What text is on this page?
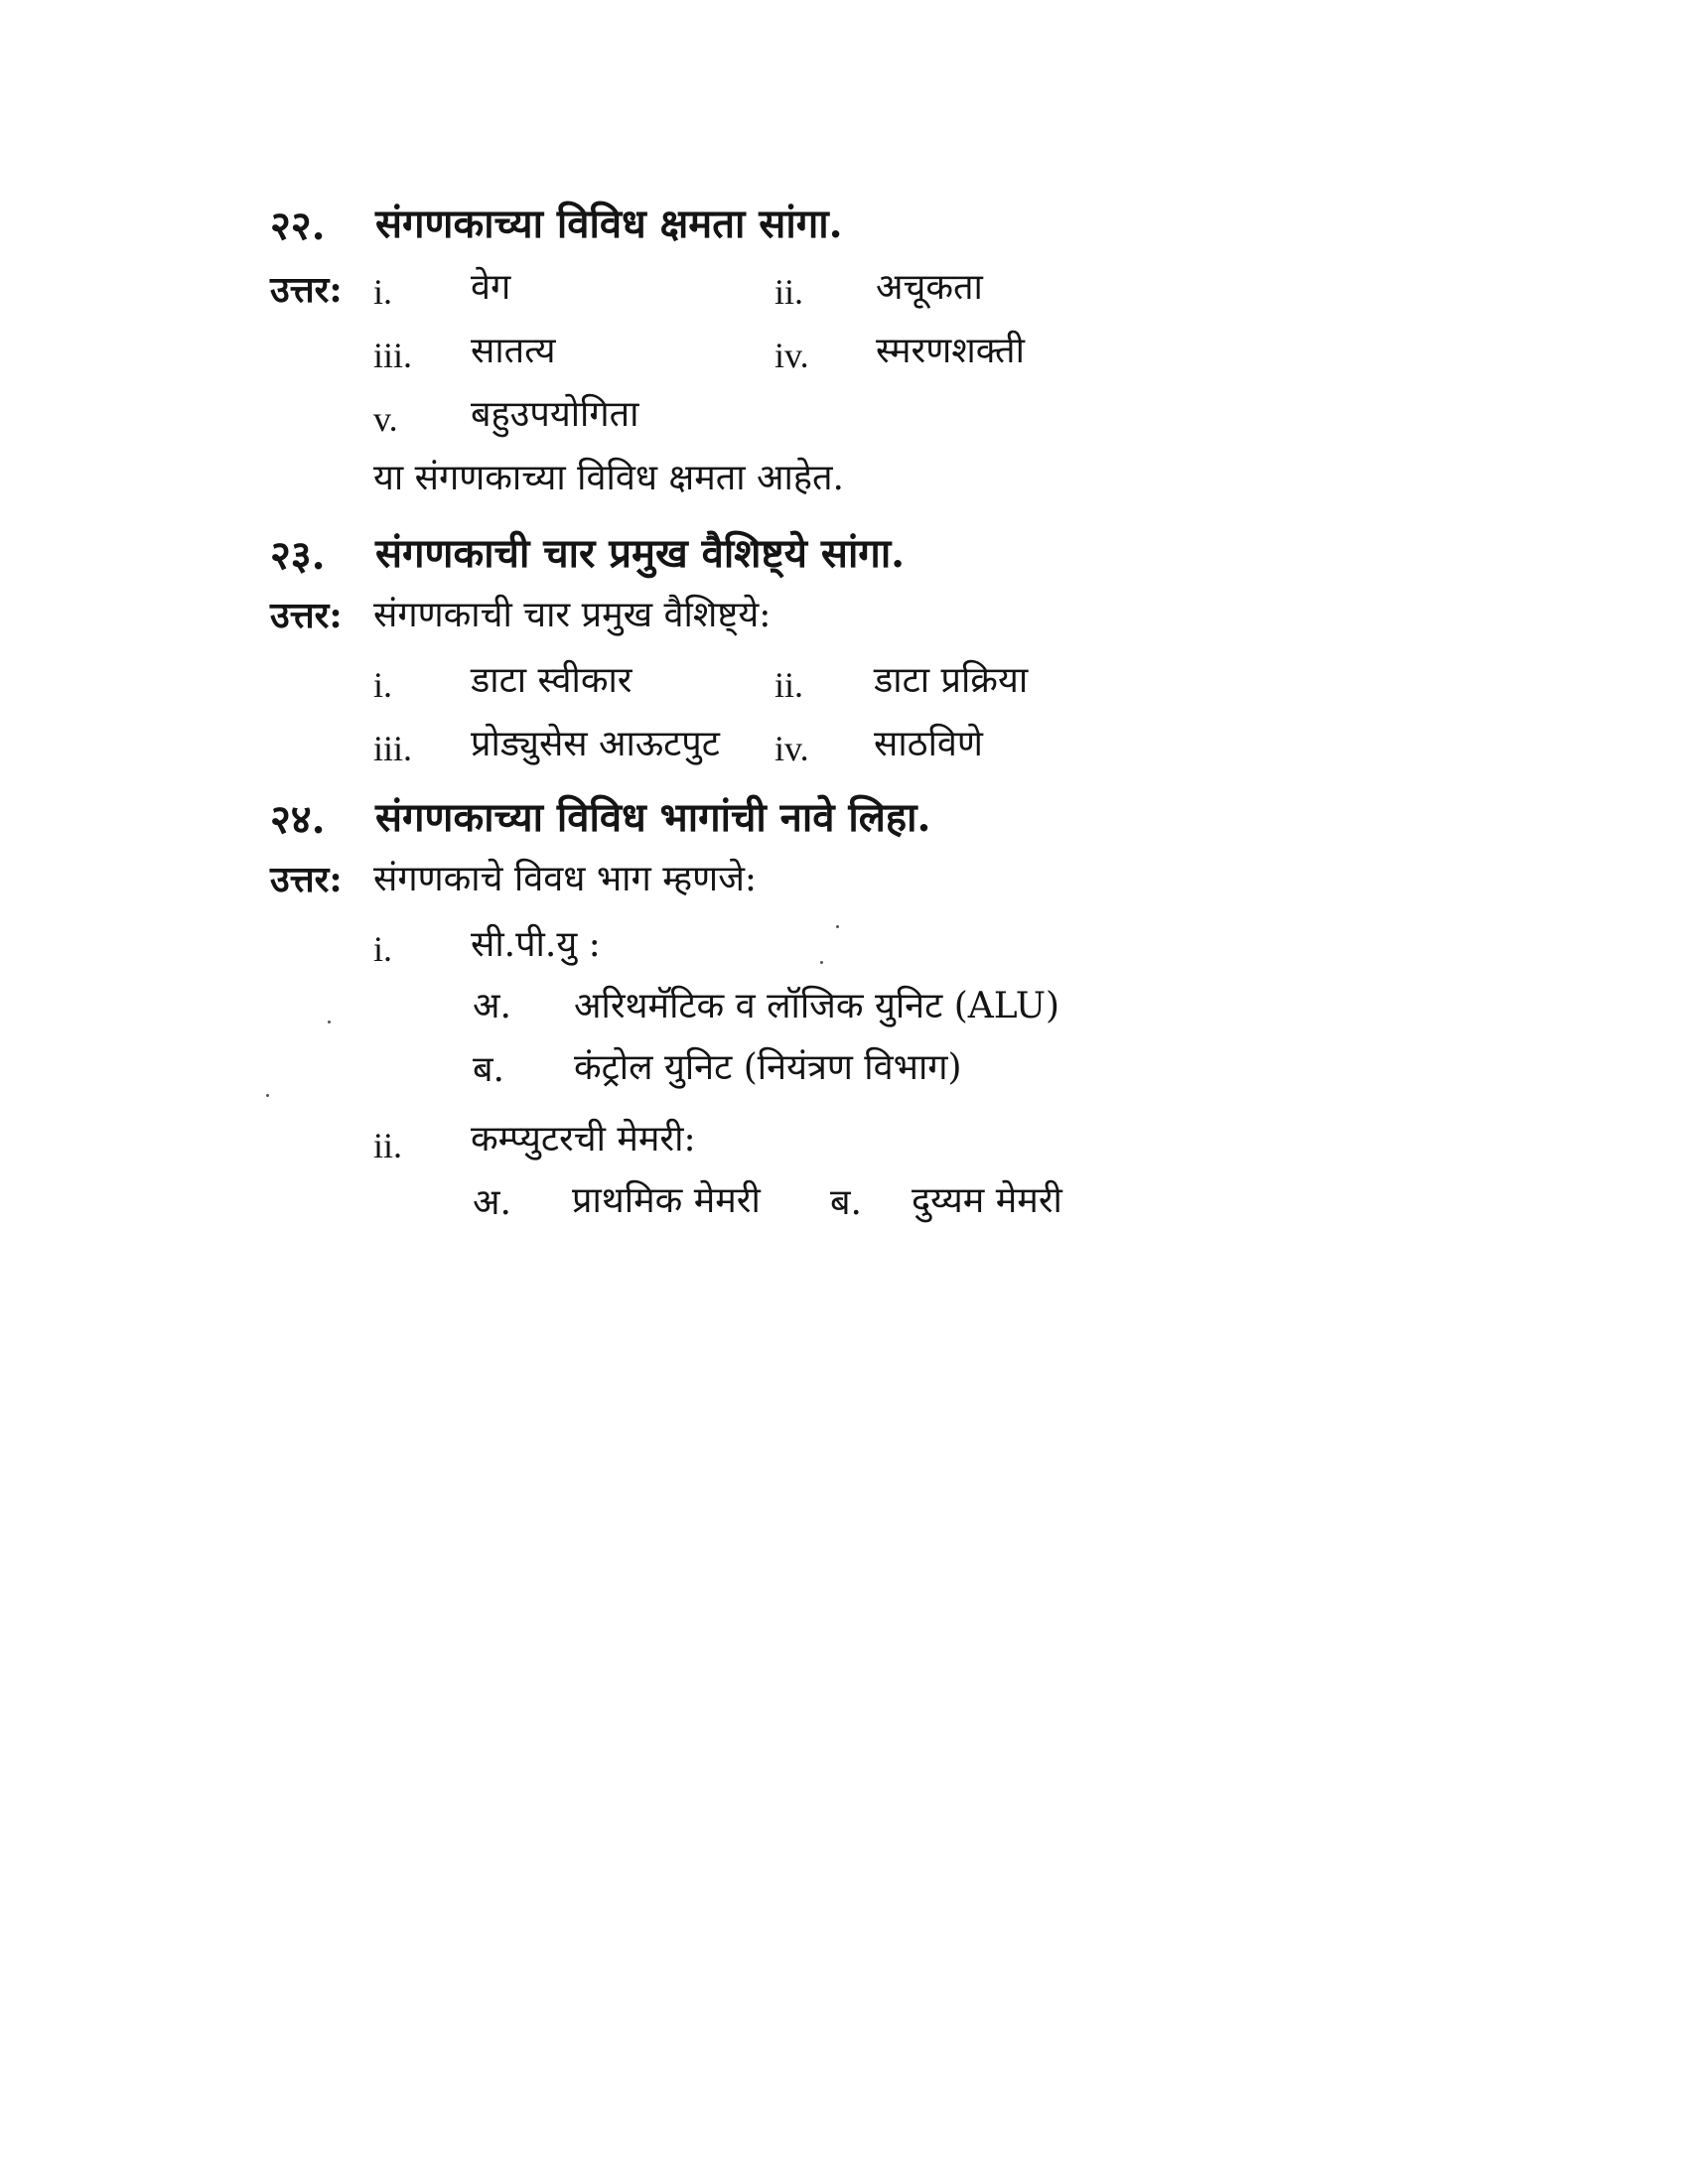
२२. संगणकाच्या विविध क्षमता सांगा.
उत्तर: i. वेग	ii. अचूकता
iii. सातत्य	iv. स्मरणशक्ती
v. बहुउपयोगिता
या संगणकाच्या विविध क्षमता आहेत.
२३. संगणकाची चार प्रमुख वैशिष्ट्ये सांगा.
उत्तर: संगणकाची चार प्रमुख वैशिष्ट्ये:
i. डाटा स्वीकार	ii. डाटा प्रक्रिया
iii. प्रोड्युसेस आऊटपुट iv. साठविणे
२४. संगणकाच्या विविध भागांची नावे लिहा.
उत्तर: संगणकाचे विवध भाग म्हणजे:
i. सी.पी.यु :
अ. अरिथमॅटिक व लॉजिक युनिट (ALU)
ब. कंट्रोल युनिट (नियंत्रण विभाग)
ii. कम्प्युटरची मेमरी:
अ. प्राथमिक मेमरी ब. दुय्यम मेमरी
